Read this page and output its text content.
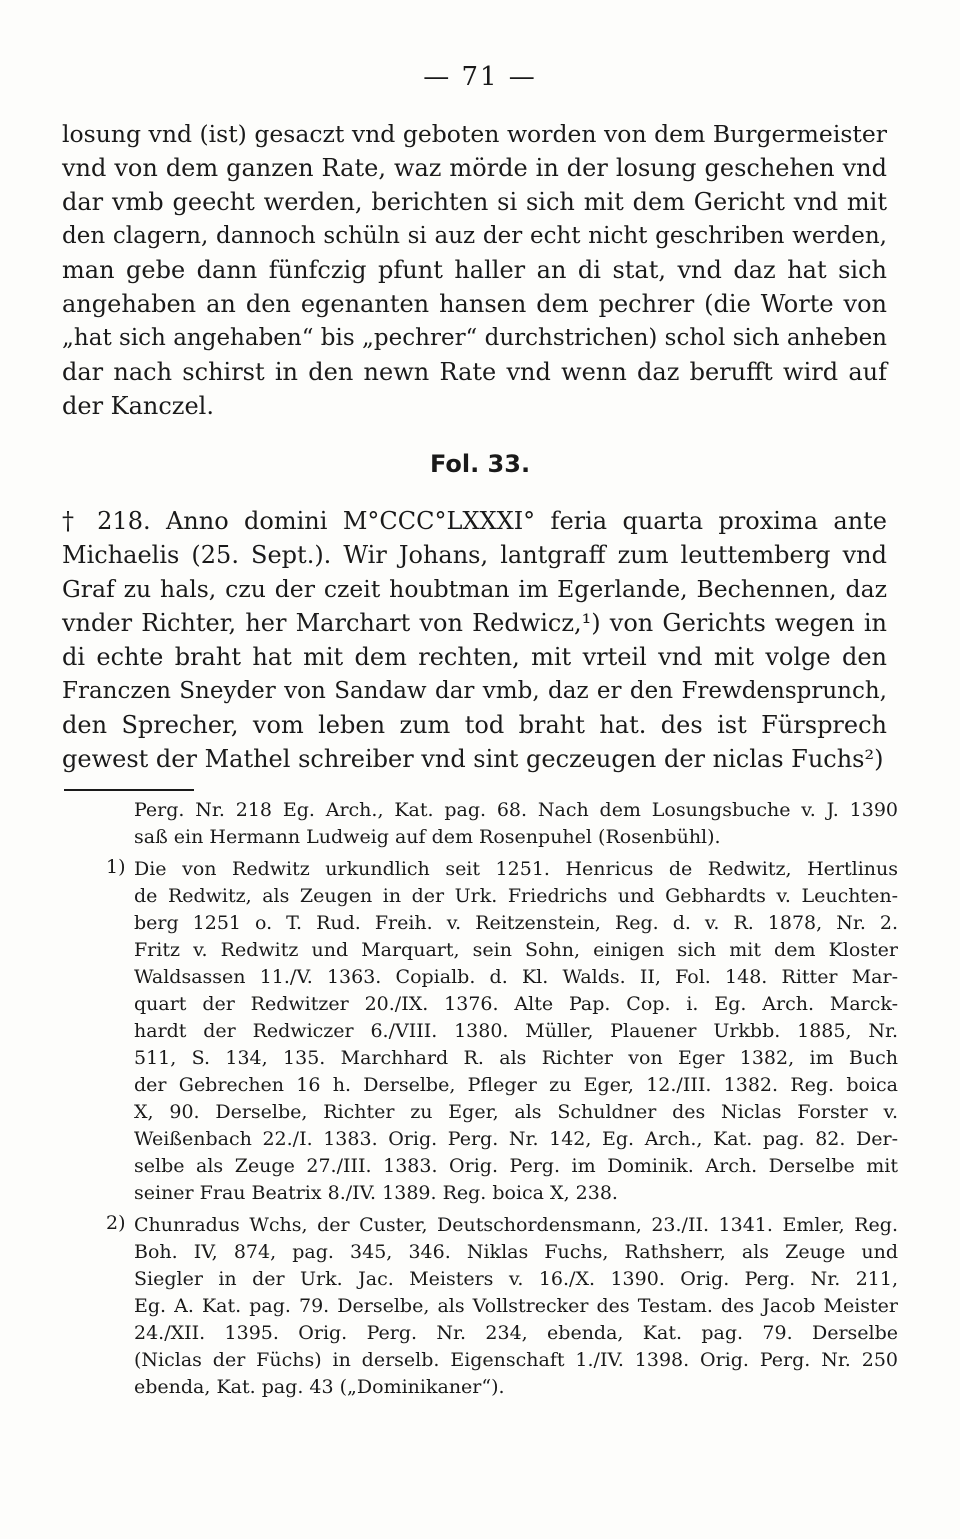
— 71 —
losung vnd (ist) gesaczt vnd geboten worden von dem Burgermeister
vnd von dem ganzen Rate, waz mörde in der losung geschehen vnd
dar vmb geecht werden, berichten si sich mit dem Gericht vnd mit
den clagern, dannoch schüln si auz der echt nicht geschriben werden,
man gebe dann fünfczig pfunt haller an di stat, vnd daz hat sich
angehaben an den egenanten hansen dem pechrer (die Worte von
„hat sich angehaben“ bis „pechrer“ durchstrichen) schol sich anheben
dar nach schirst in den newn Rate vnd wenn daz berufft wird auf
der Kanczel.
Fol. 33.
† 218. Anno domini M°CCC°LXXXI° feria quarta proxima ante
Michaelis (25. Sept.). Wir Johans, lantgraff zum leuttemberg vnd
Graf zu hals, czu der czeit houbtman im Egerlande, Bechennen, daz
vnder Richter, her Marchart von Redwicz,¹) von Gerichts wegen in
di echte braht hat mit dem rechten, mit vrteil vnd mit volge den
Franczen Sneyder von Sandaw dar vmb, daz er den Frewdensprunch,
den Sprecher, vom leben zum tod braht hat. des ist Fürsprech
gewest der Mathel schreiber vnd sint geczeugen der niclas Fuchs²)
Perg. Nr. 218 Eg. Arch., Kat. pag. 68. Nach dem Losungsbuche v. J. 1390
saß ein Hermann Ludweig auf dem Rosenpuhel (Rosenbühl).
1) Die von Redwitz urkundlich seit 1251. Henricus de Redwitz, Hertlinus
de Redwitz, als Zeugen in der Urk. Friedrichs und Gebhardts v. Leuchten-
berg 1251 o. T. Rud. Freih. v. Reitzenstein, Reg. d. v. R. 1878, Nr. 2.
Fritz v. Redwitz und Marquart, sein Sohn, einigen sich mit dem Kloster
Waldsassen 11./V. 1363. Copialb. d. Kl. Walds. II, Fol. 148. Ritter Mar-
quart der Redwitzer 20./IX. 1376. Alte Pap. Cop. i. Eg. Arch. Marck-
hardt der Redwiczer 6./VIII. 1380. Müller, Plauener Urkbb. 1885, Nr.
511, S. 134, 135. Marchhard R. als Richter von Eger 1382, im Buch
der Gebrechen 16 h. Derselbe, Pfleger zu Eger, 12./III. 1382. Reg. boica
X, 90. Derselbe, Richter zu Eger, als Schuldner des Niclas Forster v.
Weißenbach 22./I. 1383. Orig. Perg. Nr. 142, Eg. Arch., Kat. pag. 82. Der-
selbe als Zeuge 27./III. 1383. Orig. Perg. im Dominik. Arch. Derselbe mit
seiner Frau Beatrix 8./IV. 1389. Reg. boica X, 238.
2) Chunradus Wchs, der Custer, Deutschordensmann, 23./II. 1341. Emler, Reg.
Boh. IV, 874, pag. 345, 346. Niklas Fuchs, Rathsherr, als Zeuge und
Siegler in der Urk. Jac. Meisters v. 16./X. 1390. Orig. Perg. Nr. 211,
Eg. A. Kat. pag. 79. Derselbe, als Vollstrecker des Testam. des Jacob Meister
24./XII. 1395. Orig. Perg. Nr. 234, ebenda, Kat. pag. 79. Derselbe
(Niclas der Füchs) in derselb. Eigenschaft 1./IV. 1398. Orig. Perg. Nr. 250
ebenda, Kat. pag. 43 („Dominikaner“).
